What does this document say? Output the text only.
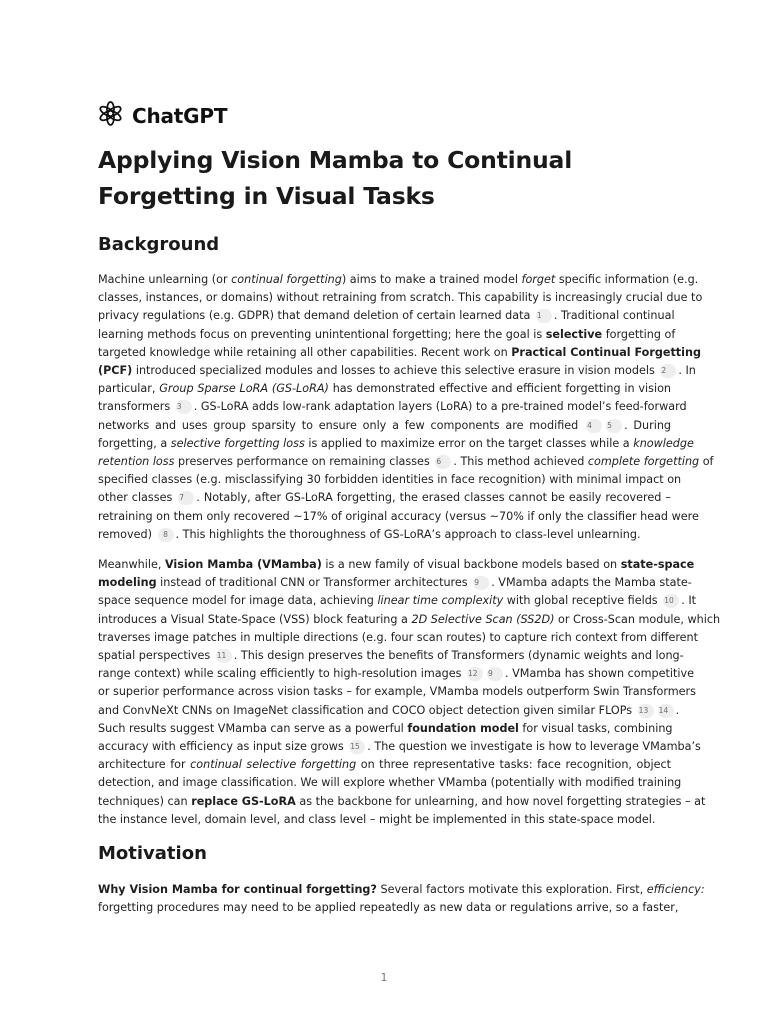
ChatGPT
Applying Vision Mamba to Continual Forgetting in Visual Tasks
Background
Machine unlearning (or continual forgetting) aims to make a trained model forget specific information (e.g.
classes, instances, or domains) without retraining from scratch. This capability is increasingly crucial due to
privacy regulations (e.g. GDPR) that demand deletion of certain learned data 1 . Traditional continual
learning methods focus on preventing unintentional forgetting; here the goal is selective forgetting of
targeted knowledge while retaining all other capabilities. Recent work on Practical Continual Forgetting
(PCF) introduced specialized modules and losses to achieve this selective erasure in vision models 2 . In
particular, Group Sparse LoRA (GS-LoRA) has demonstrated effective and efficient forgetting in vision
transformers 3 . GS-LoRA adds low-rank adaptation layers (LoRA) to a pre-trained model’s feed-forward
networks and uses group sparsity to ensure only a few components are modified 4 5 . During
forgetting, a selective forgetting loss is applied to maximize error on the target classes while a knowledge
retention loss preserves performance on remaining classes 6 . This method achieved complete forgetting of
specified classes (e.g. misclassifying 30 forbidden identities in face recognition) with minimal impact on
other classes 7 . Notably, after GS-LoRA forgetting, the erased classes cannot be easily recovered –
retraining on them only recovered ~17% of original accuracy (versus ~70% if only the classifier head were
removed) 8 . This highlights the thoroughness of GS-LoRA’s approach to class-level unlearning.
Meanwhile, Vision Mamba (VMamba) is a new family of visual backbone models based on state-space
modeling instead of traditional CNN or Transformer architectures 9 . VMamba adapts the Mamba state-
space sequence model for image data, achieving linear time complexity with global receptive fields 10 . It
introduces a Visual State-Space (VSS) block featuring a 2D Selective Scan (SS2D) or Cross-Scan module, which
traverses image patches in multiple directions (e.g. four scan routes) to capture rich context from different
spatial perspectives 11 . This design preserves the benefits of Transformers (dynamic weights and long-
range context) while scaling efficiently to high-resolution images 12 9 . VMamba has shown competitive
or superior performance across vision tasks – for example, VMamba models outperform Swin Transformers
and ConvNeXt CNNs on ImageNet classification and COCO object detection given similar FLOPs 13 14 .
Such results suggest VMamba can serve as a powerful foundation model for visual tasks, combining
accuracy with efficiency as input size grows 15 . The question we investigate is how to leverage VMamba’s
architecture for continual selective forgetting on three representative tasks: face recognition, object
detection, and image classification. We will explore whether VMamba (potentially with modified training
techniques) can replace GS-LoRA as the backbone for unlearning, and how novel forgetting strategies – at
the instance level, domain level, and class level – might be implemented in this state-space model.
Motivation
Why Vision Mamba for continual forgetting? Several factors motivate this exploration. First, efficiency:
forgetting procedures may need to be applied repeatedly as new data or regulations arrive, so a faster,
1
